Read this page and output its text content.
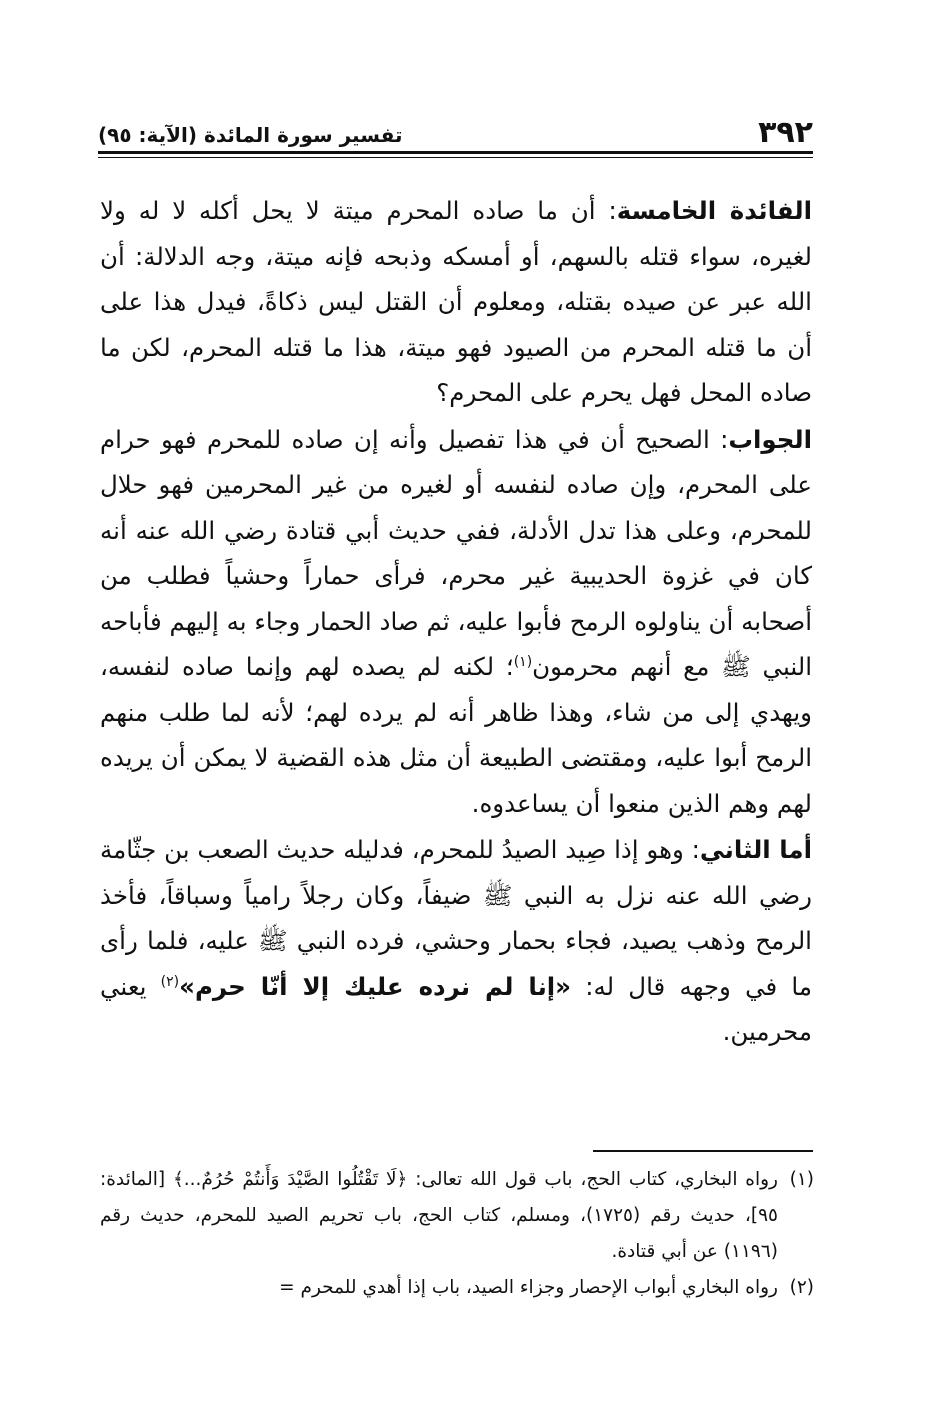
٣٩٢
تفسير سورة المائدة (الآية: ٩٥)

الفائدة الخامسة: أن ما صاده المحرم ميتة لا يحل أكله لا له ولا لغيره، سواء قتله بالسهم، أو أمسكه وذبحه فإنه ميتة، وجه الدلالة: أن الله عبر عن صيده بقتله، ومعلوم أن القتل ليس ذكاةً، فيدل هذا على أن ما قتله المحرم من الصيود فهو ميتة، هذا ما قتله المحرم، لكن ما صاده المحل فهل يحرم على المحرم؟

الجواب: الصحيح أن في هذا تفصيل وأنه إن صاده للمحرم فهو حرام على المحرم، وإن صاده لنفسه أو لغيره من غير المحرمين فهو حلال للمحرم، وعلى هذا تدل الأدلة، ففي حديث أبي قتادة رضي الله عنه أنه كان في غزوة الحديبية غير محرم، فرأى حماراً وحشياً فطلب من أصحابه أن يناولوه الرمح فأبوا عليه، ثم صاد الحمار وجاء به إليهم فأباحه النبي ﷺ مع أنهم محرمون$^{(١)}$؛ لكنه لم يصده لهم وإنما صاده لنفسه، ويهدي إلى من شاء، وهذا ظاهر أنه لم يرده لهم؛ لأنه لما طلب منهم الرمح أبوا عليه، ومقتضى الطبيعة أن مثل هذه القضية لا يمكن أن يريده لهم وهم الذين منعوا أن يساعدوه.

أما الثاني: وهو إذا صِيد الصيدُ للمحرم، فدليله حديث الصعب بن جثّامة رضي الله عنه نزل به النبي ﷺ ضيفاً، وكان رجلاً رامياً وسباقاً، فأخذ الرمح وذهب يصيد، فجاء بحمار وحشي، فرده النبي ﷺ عليه، فلما رأى ما في وجهه قال له: «إنا لم نرده عليك إلا أنّا حرم»$^{(٢)}$ يعني محرمين.

(١)
رواه البخاري، كتاب الحج، باب قول الله تعالى: ﴿لَا تَقْتُلُوا الصَّيْدَ وَأَنتُمْ حُرُمٌ...﴾ [المائدة: ٩٥]، حديث رقم (١٧٢٥)، ومسلم، كتاب الحج، باب تحريم الصيد للمحرم، حديث رقم (١١٩٦) عن أبي قتادة.

(٢)
رواه البخاري أبواب الإحصار وجزاء الصيد، باب إذا أهدي للمحرم =
